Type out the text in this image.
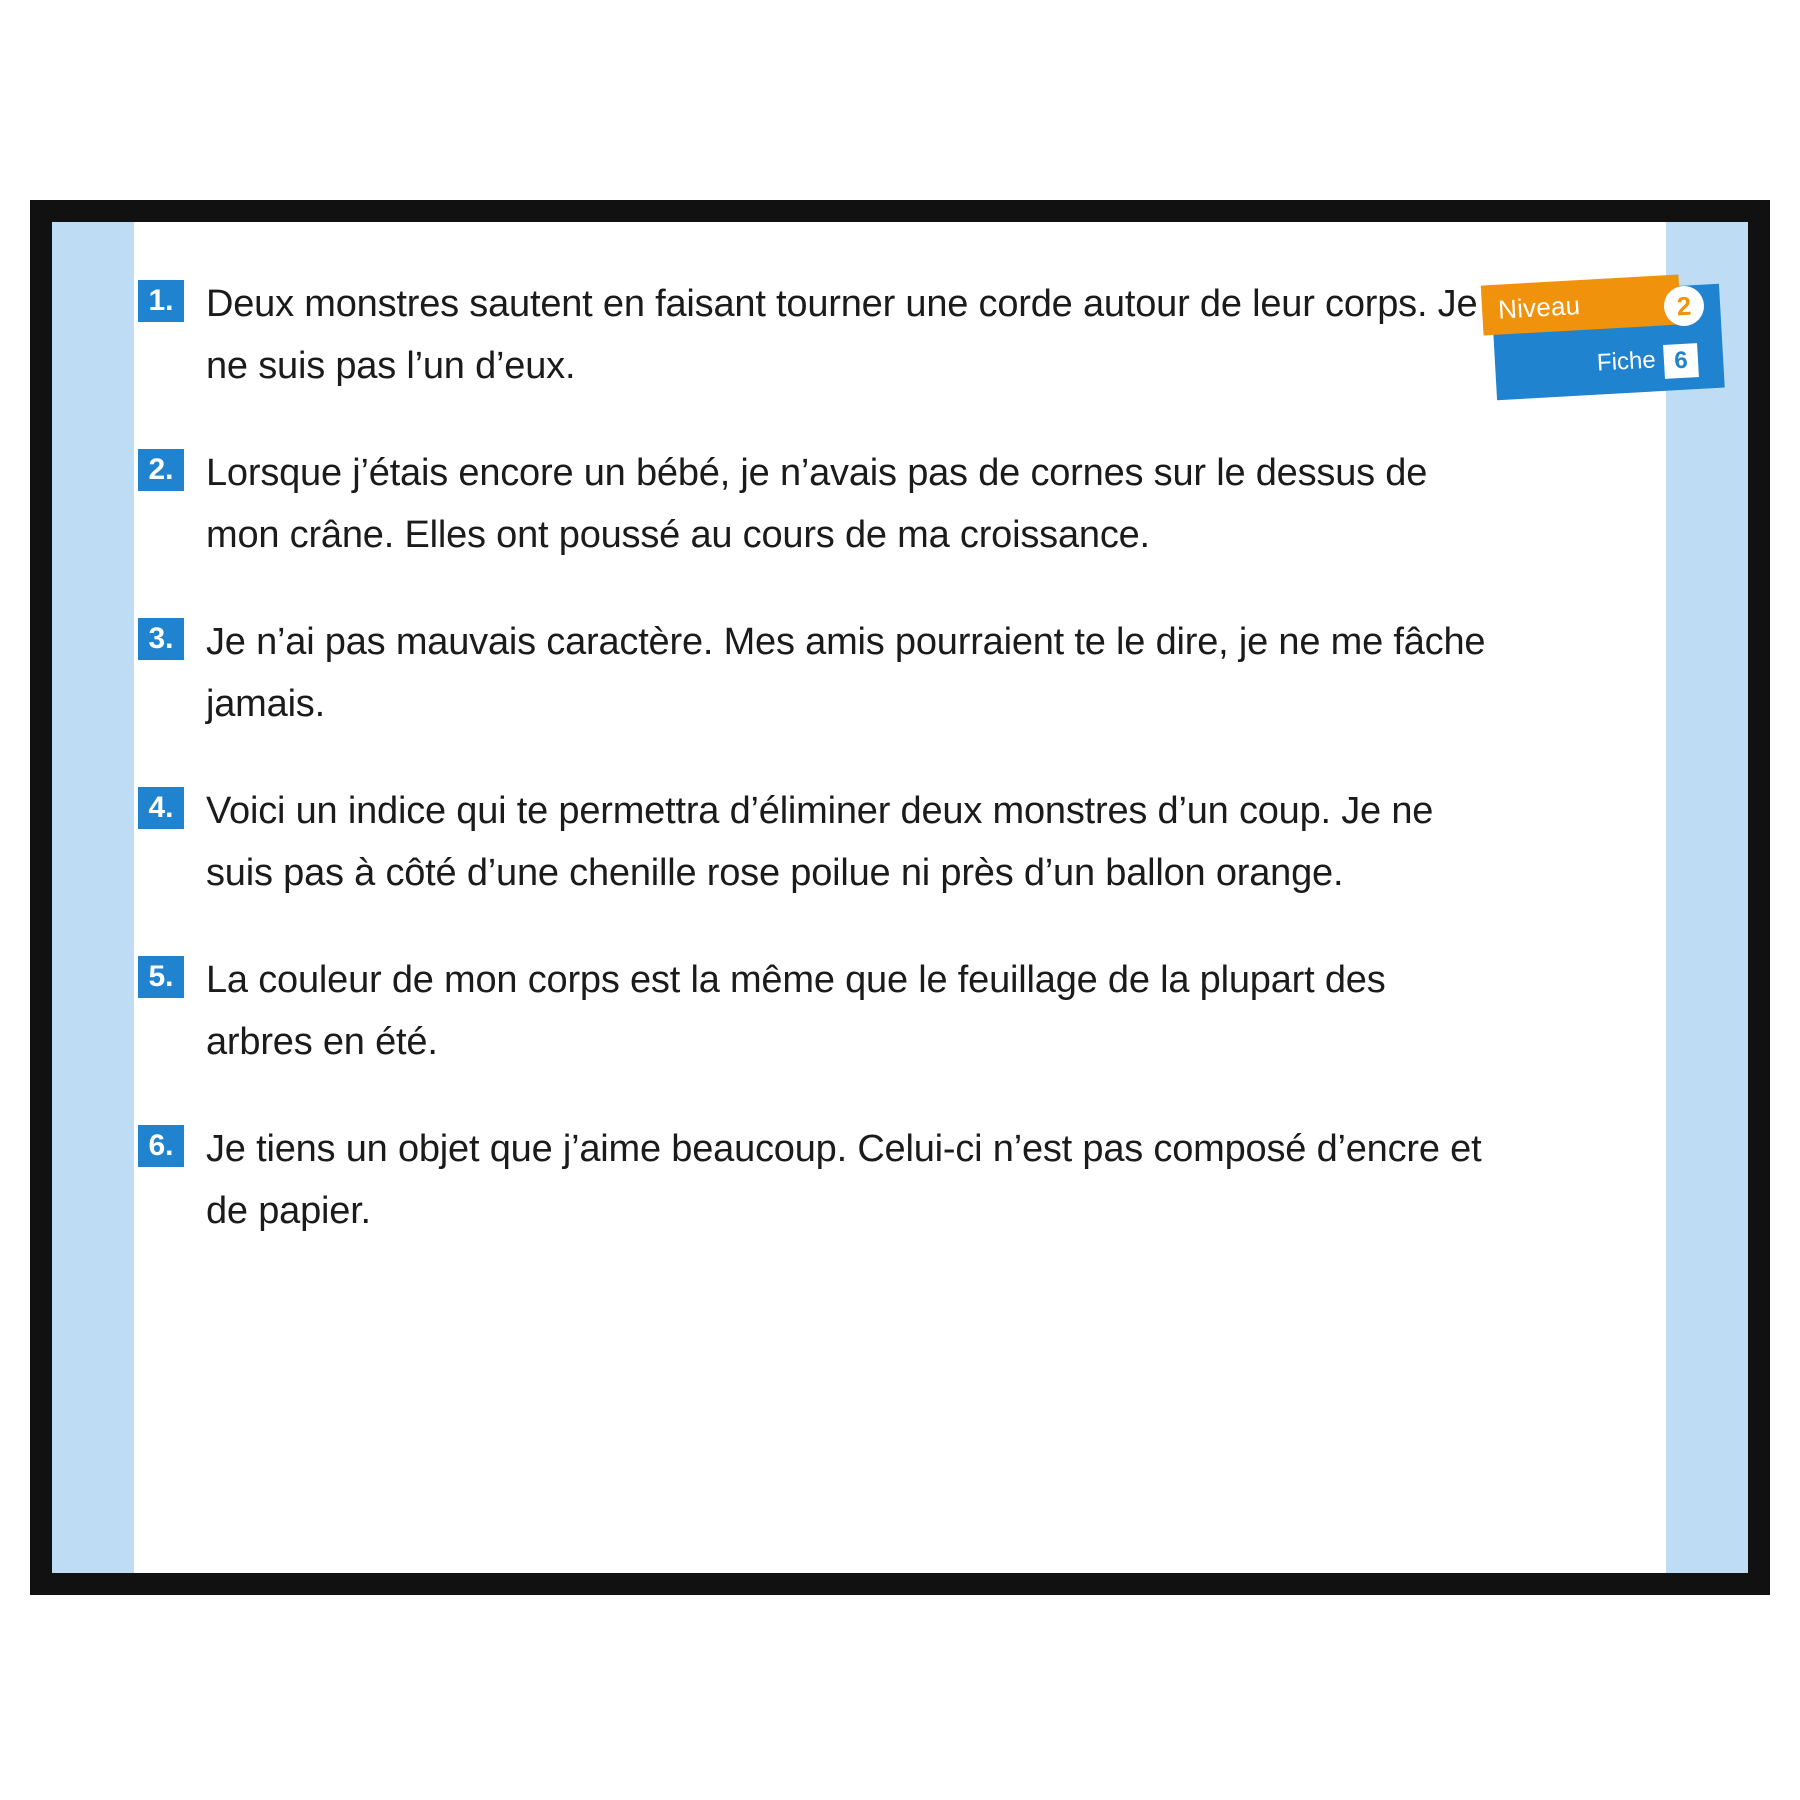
Niveau	2
Fiche 6
1. Deux monstres sautent en faisant tourner une corde autour de leur corps. Je ne suis pas l’un d’eux.
2. Lorsque j’étais encore un bébé, je n’avais pas de cornes sur le dessus de mon crâne. Elles ont poussé au cours de ma croissance.
3. Je n’ai pas mauvais caractère. Mes amis pourraient te le dire, je ne me fâche jamais.
4. Voici un indice qui te permettra d’éliminer deux monstres d’un coup. Je ne suis pas à côté d’une chenille rose poilue ni près d’un ballon orange.
5. La couleur de mon corps est la même que le feuillage de la plupart des arbres en été.
6. Je tiens un objet que j’aime beaucoup. Celui-ci n’est pas composé d’encre et de papier.
